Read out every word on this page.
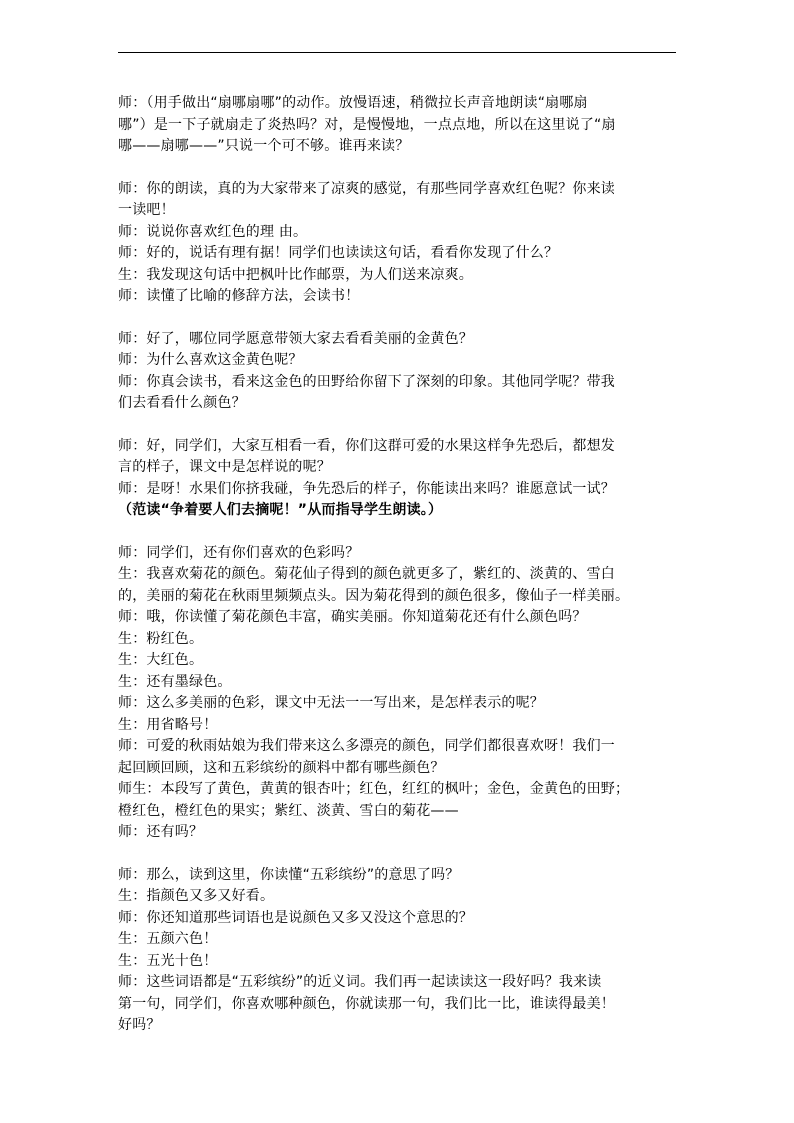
师：（用手做出“扇哪扇哪”的动作。放慢语速，稍微拉长声音地朗读“扇哪扇
哪”）是一下子就扇走了炎热吗？对，是慢慢地，一点点地，所以在这里说了“扇
哪——扇哪——”只说一个可不够。谁再来读？
师：你的朗读，真的为大家带来了凉爽的感觉，有那些同学喜欢红色呢？你来读
一读吧！
师：说说你喜欢红色的理 由。
师：好的，说话有理有据！同学们也读读这句话，看看你发现了什么？
生：我发现这句话中把枫叶比作邮票，为人们送来凉爽。
师：读懂了比喻的修辞方法，会读书！
师：好了，哪位同学愿意带领大家去看看美丽的金黄色？
师：为什么喜欢这金黄色呢？
师：你真会读书，看来这金色的田野给你留下了深刻的印象。其他同学呢？带我
们去看看什么颜色？
师：好，同学们，大家互相看一看，你们这群可爱的水果这样争先恐后，都想发
言的样子，课文中是怎样说的呢？
师：是呀！水果们你挤我碰，争先恐后的样子，你能读出来吗？谁愿意试一试？
（范读“争着要人们去摘呢！”从而指导学生朗读。）
师：同学们，还有你们喜欢的色彩吗？
生：我喜欢菊花的颜色。菊花仙子得到的颜色就更多了，紫红的、淡黄的、雪白
的，美丽的菊花在秋雨里频频点头。因为菊花得到的颜色很多，像仙子一样美丽。
师：哦，你读懂了菊花颜色丰富，确实美丽。你知道菊花还有什么颜色吗？
生：粉红色。
生：大红色。
生：还有墨绿色。
师：这么多美丽的色彩，课文中无法一一写出来，是怎样表示的呢？
生：用省略号！
师：可爱的秋雨姑娘为我们带来这么多漂亮的颜色，同学们都很喜欢呀！我们一
起回顾回顾，这和五彩缤纷的颜料中都有哪些颜色？
师生：本段写了黄色，黄黄的银杏叶；红色，红红的枫叶；金色，金黄色的田野；
橙红色，橙红色的果实；紫红、淡黄、雪白的菊花——
师：还有吗？
师：那么，读到这里，你读懂“五彩缤纷”的意思了吗？
生：指颜色又多又好看。
师：你还知道那些词语也是说颜色又多又没这个意思的？
生：五颜六色！
生：五光十色！
师：这些词语都是“五彩缤纷”的近义词。我们再一起读读这一段好吗？我来读
第一句，同学们，你喜欢哪种颜色，你就读那一句，我们比一比，谁读得最美！
好吗？
